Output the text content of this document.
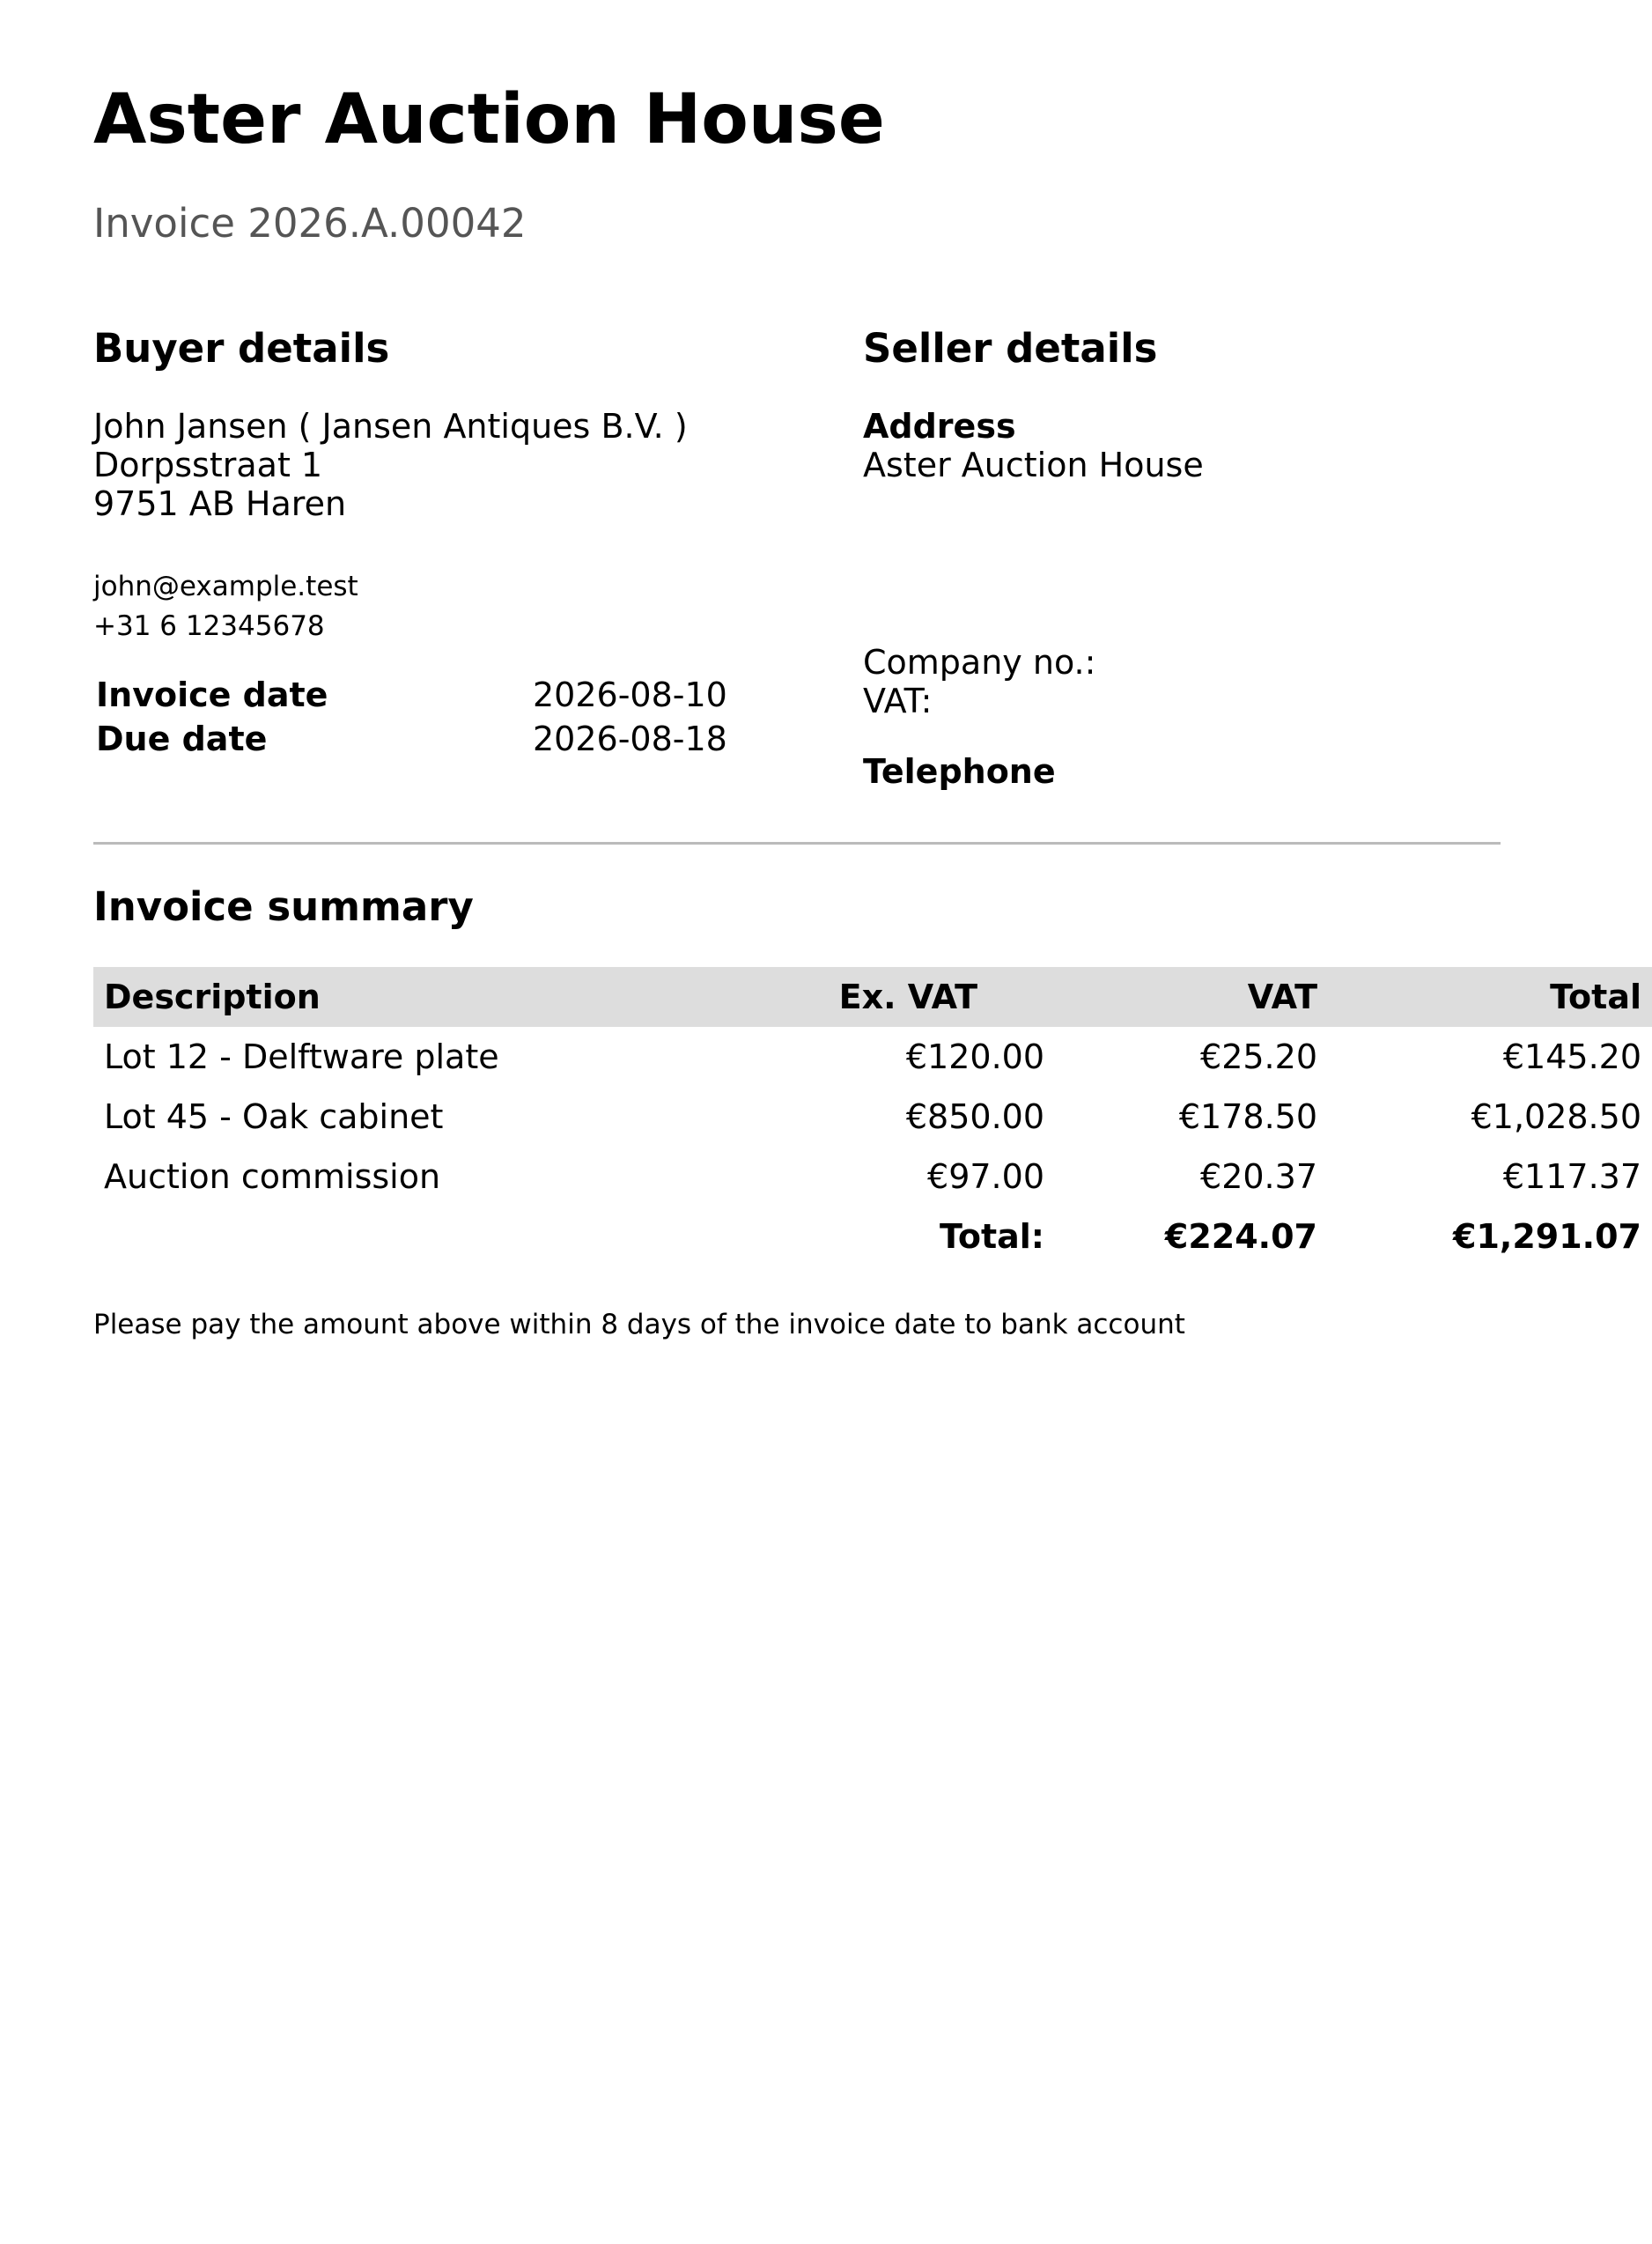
Aster Auction House
Invoice 2026.A.00042
Buyer details
John Jansen ( Jansen Antiques B.V. )
Dorpsstraat 1
9751 AB Haren
john@example.test
+31 6 12345678
Invoice date	2026-08-10
Due date	2026-08-18
Seller details
Address
Aster Auction House
Company no.:
VAT:
Telephone
Invoice summary
Description	Ex. VAT	VAT	Total
Lot 12 - Delftware plate	€120.00	€25.20	€145.20
Lot 45 - Oak cabinet	€850.00	€178.50	€1,028.50
Auction commission	€97.00	€20.37	€117.37
	Total:	€224.07	€1,291.07
Please pay the amount above within 8 days of the invoice date to bank account
